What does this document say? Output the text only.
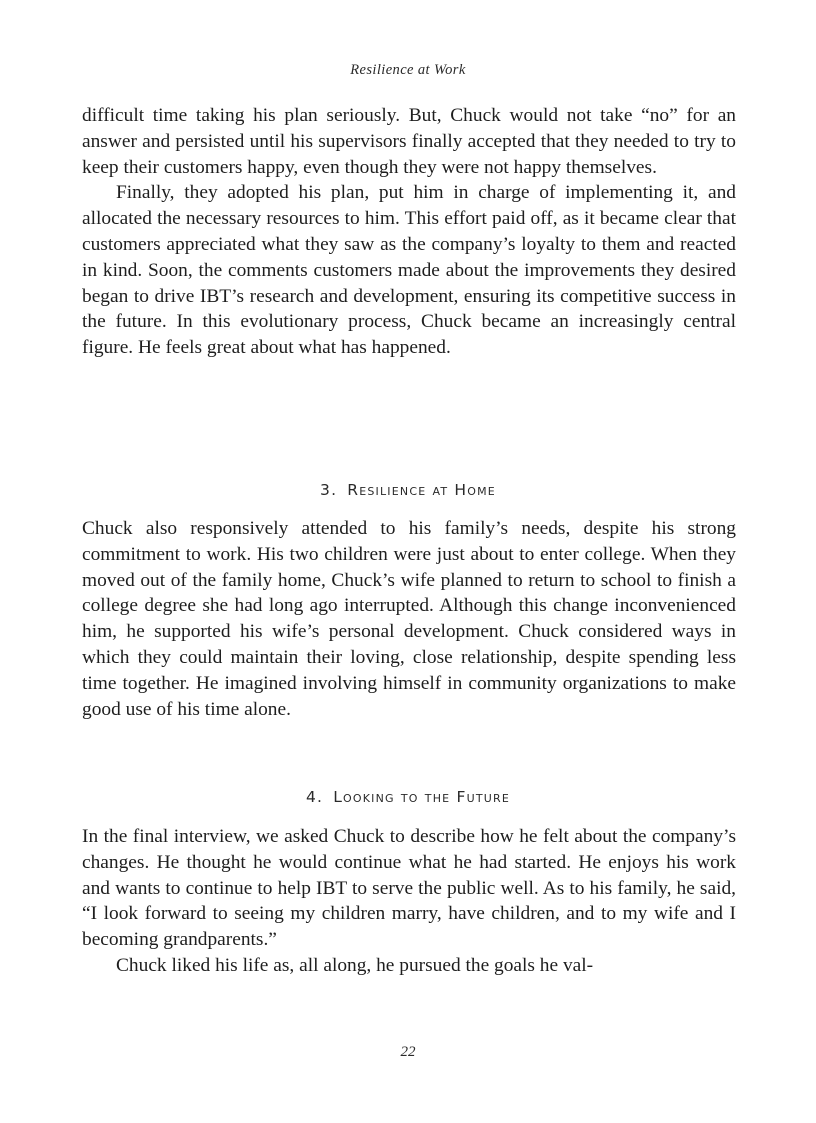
Resilience at Work

difficult time taking his plan seriously. But, Chuck would not take “no” for an answer and persisted until his supervisors finally accepted that they needed to try to keep their customers happy, even though they were not happy themselves.

Finally, they adopted his plan, put him in charge of implementing it, and allocated the necessary resources to him. This effort paid off, as it became clear that customers appreciated what they saw as the company’s loyalty to them and reacted in kind. Soon, the comments customers made about the improvements they desired began to drive IBT’s research and development, ensuring its competitive success in the future. In this evolutionary process, Chuck became an increasingly central figure. He feels great about what has happened.

3. Resilience at Home

Chuck also responsively attended to his family’s needs, despite his strong commitment to work. His two children were just about to enter college. When they moved out of the family home, Chuck’s wife planned to return to school to finish a college degree she had long ago interrupted. Although this change inconvenienced him, he supported his wife’s personal development. Chuck considered ways in which they could maintain their loving, close relationship, despite spending less time together. He imagined involving himself in community organizations to make good use of his time alone.

4. Looking to the Future

In the final interview, we asked Chuck to describe how he felt about the company’s changes. He thought he would continue what he had started. He enjoys his work and wants to continue to help IBT to serve the public well. As to his family, he said, “I look forward to seeing my children marry, have children, and to my wife and I becoming grandparents.”

Chuck liked his life as, all along, he pursued the goals he val-

22
